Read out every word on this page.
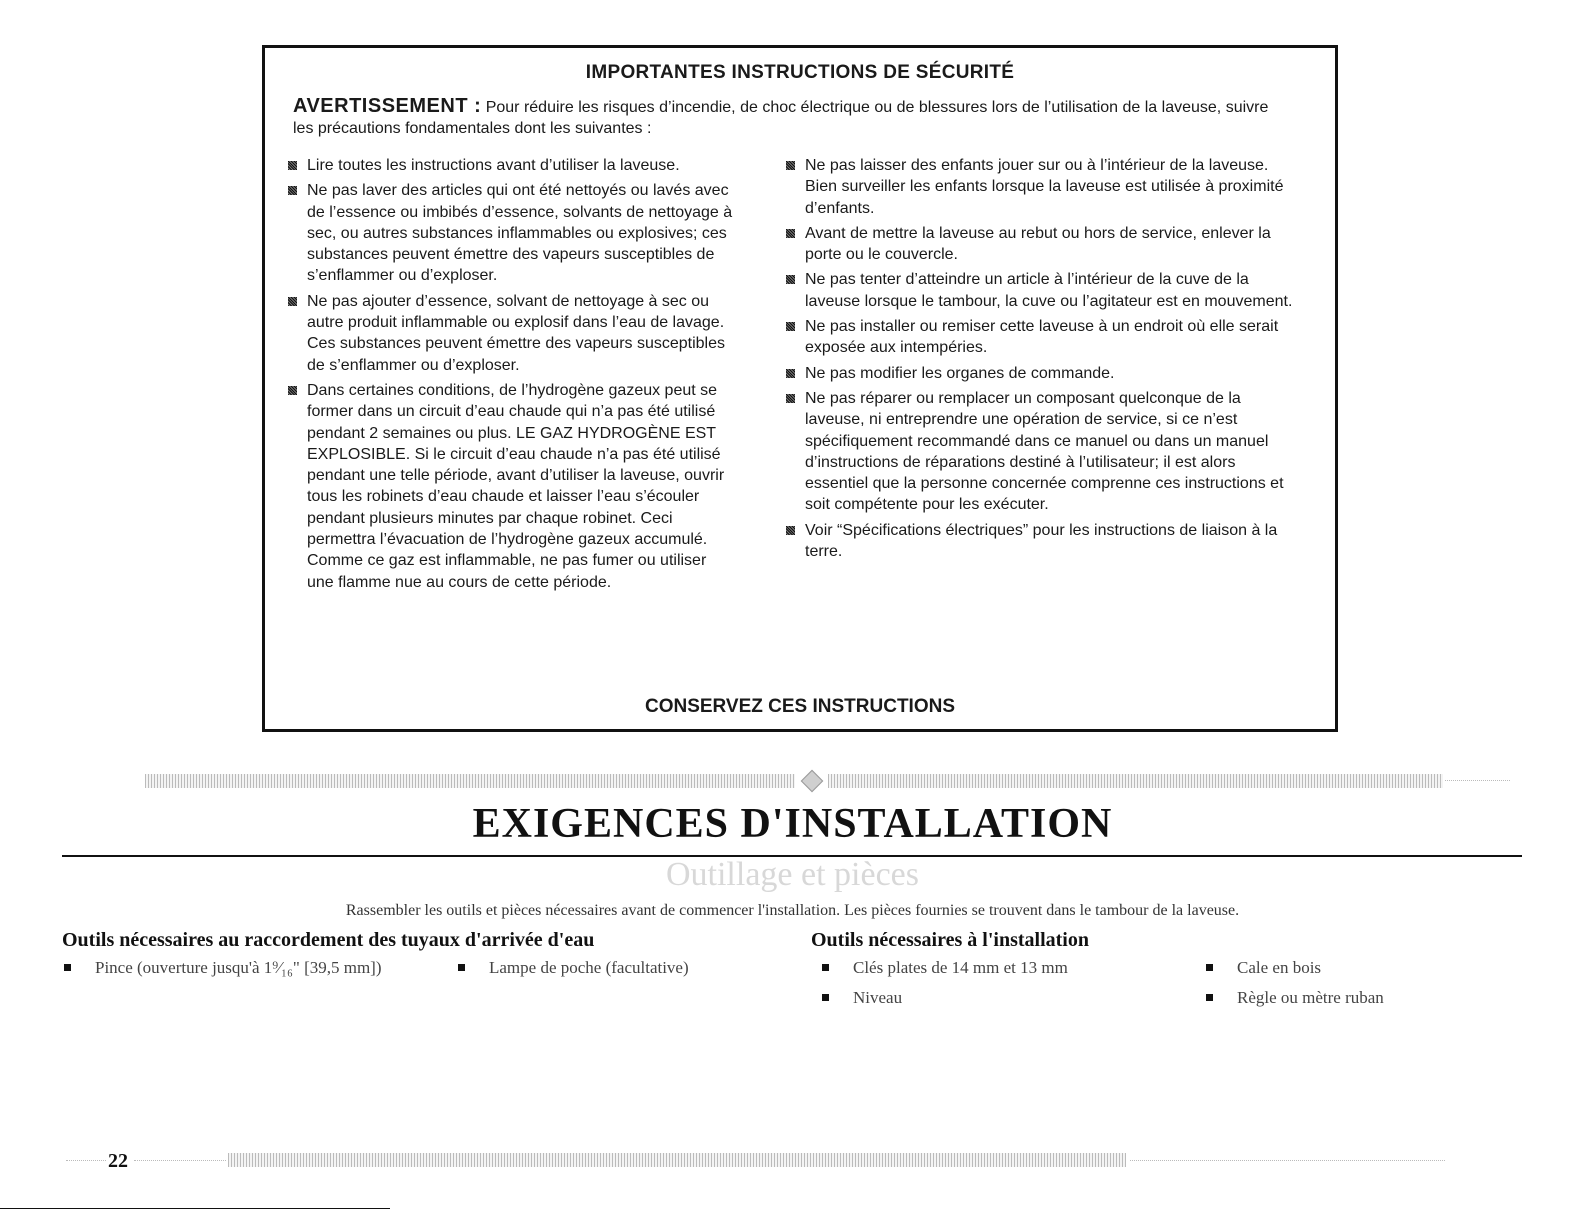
IMPORTANTES INSTRUCTIONS DE SÉCURITÉ
AVERTISSEMENT : Pour réduire les risques d’incendie, de choc électrique ou de blessures lors de l’utilisation de la laveuse, suivre les précautions fondamentales dont les suivantes :
Lire toutes les instructions avant d’utiliser la laveuse.
Ne pas laver des articles qui ont été nettoyés ou lavés avec de l’essence ou imbibés d’essence, solvants de nettoyage à sec, ou autres substances inflammables ou explosives; ces substances peuvent émettre des vapeurs susceptibles de s’enflammer ou d’exploser.
Ne pas ajouter d’essence, solvant de nettoyage à sec ou autre produit inflammable ou explosif dans l’eau de lavage. Ces substances peuvent émettre des vapeurs susceptibles de s’enflammer ou d’exploser.
Dans certaines conditions, de l’hydrogène gazeux peut se former dans un circuit d’eau chaude qui n’a pas été utilisé pendant 2 semaines ou plus. LE GAZ HYDROGÈNE EST EXPLOSIBLE. Si le circuit d’eau chaude n’a pas été utilisé pendant une telle période, avant d’utiliser la laveuse, ouvrir tous les robinets d’eau chaude et laisser l’eau s’écouler pendant plusieurs minutes par chaque robinet. Ceci permettra l’évacuation de l’hydrogène gazeux accumulé. Comme ce gaz est inflammable, ne pas fumer ou utiliser une flamme nue au cours de cette période.
Ne pas laisser des enfants jouer sur ou à l’intérieur de la laveuse. Bien surveiller les enfants lorsque la laveuse est utilisée à proximité d’enfants.
Avant de mettre la laveuse au rebut ou hors de service, enlever la porte ou le couvercle.
Ne pas tenter d’atteindre un article à l’intérieur de la cuve de la laveuse lorsque le tambour, la cuve ou l’agitateur est en mouvement.
Ne pas installer ou remiser cette laveuse à un endroit où elle serait exposée aux intempéries.
Ne pas modifier les organes de commande.
Ne pas réparer ou remplacer un composant quelconque de la laveuse, ni entreprendre une opération de service, si ce n’est spécifiquement recommandé dans ce manuel ou dans un manuel d’instructions de réparations destiné à l’utilisateur; il est alors essentiel que la personne concernée comprenne ces instructions et soit compétente pour les exécuter.
Voir “Spécifications électriques” pour les instructions de liaison à la terre.
CONSERVEZ CES INSTRUCTIONS
EXIGENCES D'INSTALLATION
Outillage et pièces
Rassembler les outils et pièces nécessaires avant de commencer l'installation. Les pièces fournies se trouvent dans le tambour de la laveuse.
Outils nécessaires au raccordement des tuyaux d'arrivée d'eau	Outils nécessaires à l'installation
Pince (ouverture jusqu'à 1⁹⁄₁₆" [39,5 mm])	Lampe de poche (facultative)	Clés plates de 14 mm et 13 mm
Niveau
Cale en bois
Règle ou mètre ruban
22
